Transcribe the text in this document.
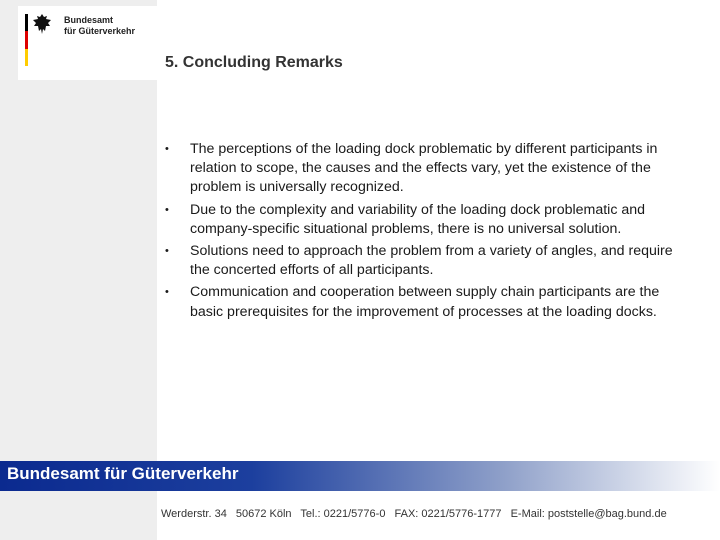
Bundesamt
für Güterverkehr
5. Concluding Remarks
• The perceptions of the loading dock problematic by different participants in relation to scope, the causes and the effects vary, yet the existence of the problem is universally recognized.
• Due to the complexity and variability of the loading dock problematic and company-specific situational problems, there is no universal solution.
• Solutions need to approach the problem from a variety of angles, and require the concerted efforts of all participants.
• Communication and cooperation between supply chain participants are the basic prerequisites for the improvement of processes at the loading docks.
Bundesamt für Güterverkehr
Werderstr. 34 50672 Köln Tel.: 0221/5776-0 FAX: 0221/5776-1777 E-Mail: poststelle@bag.bund.de
